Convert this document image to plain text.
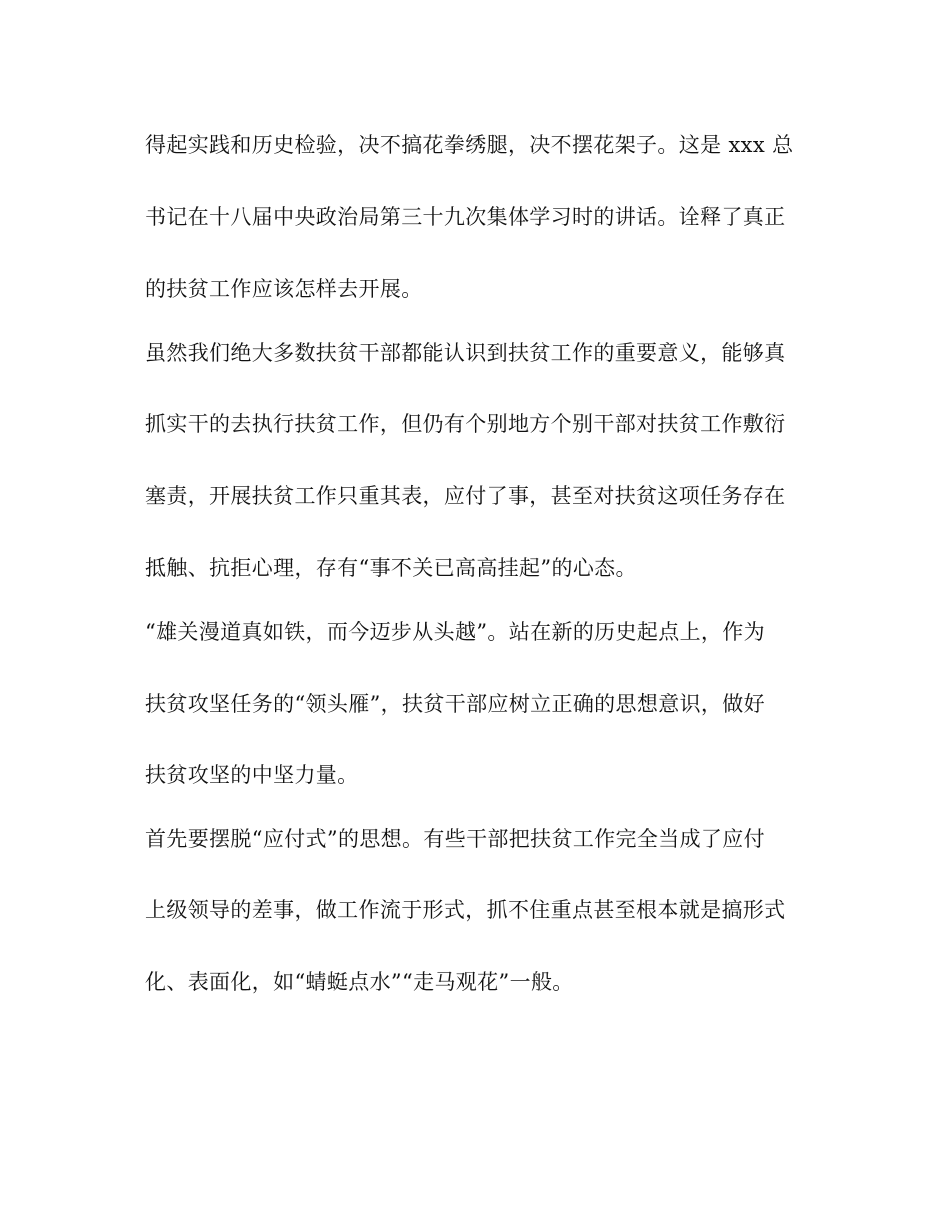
得起实践和历史检验，决不搞花拳绣腿，决不摆花架子。这是 xxx 总
书记在十八届中央政治局第三十九次集体学习时的讲话。诠释了真正
的扶贫工作应该怎样去开展。
虽然我们绝大多数扶贫干部都能认识到扶贫工作的重要意义，能够真
抓实干的去执行扶贫工作，但仍有个别地方个别干部对扶贫工作敷衍
塞责，开展扶贫工作只重其表，应付了事，甚至对扶贫这项任务存在
抵触、抗拒心理，存有“事不关已高高挂起”的心态。
“雄关漫道真如铁，而今迈步从头越”。站在新的历史起点上，作为
扶贫攻坚任务的“领头雁”，扶贫干部应树立正确的思想意识，做好
扶贫攻坚的中坚力量。
首先要摆脱“应付式”的思想。有些干部把扶贫工作完全当成了应付
上级领导的差事，做工作流于形式，抓不住重点甚至根本就是搞形式
化、表面化，如“蜻蜓点水”“走马观花”一般。
